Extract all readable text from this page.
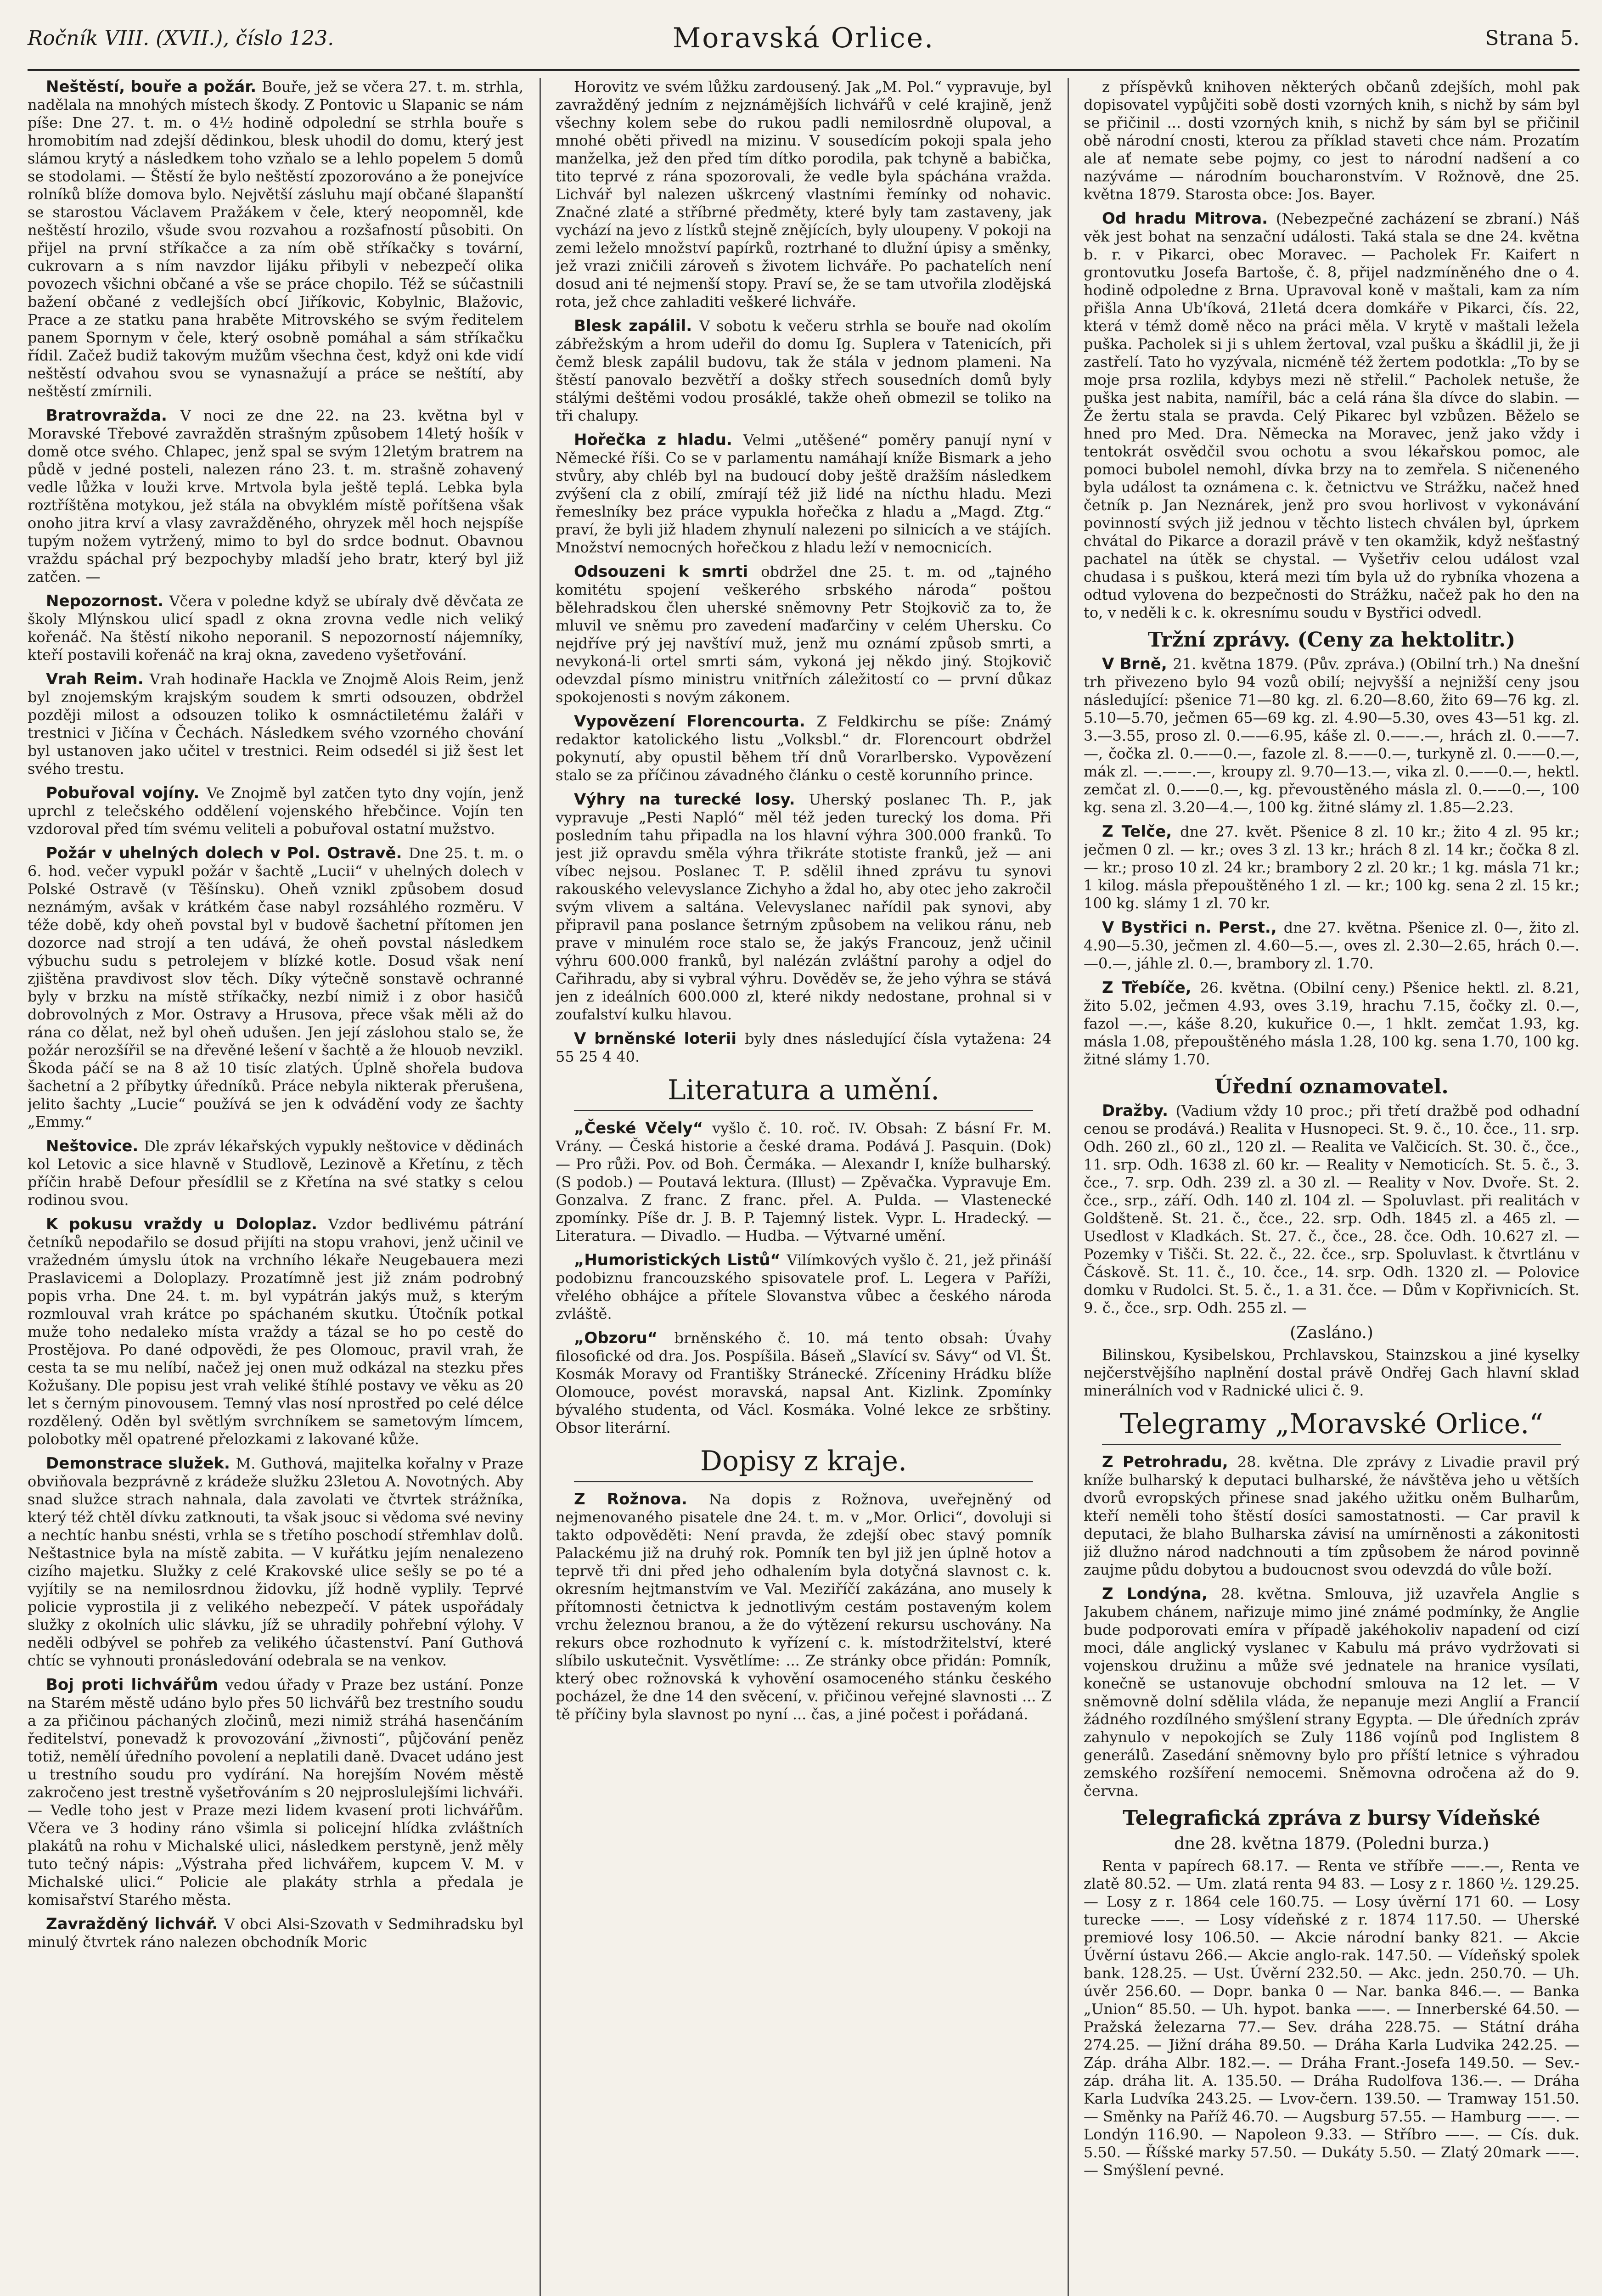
Ročník VIII. (XVII.), číslo 123.	Moravská Orlice.	Strana 5.

Neštěstí, bouře a požár. Bouře, jež se včera 27. t. m. strhla, nadělala na mnohých místech škody. Z Pontovic u Slapanic se nám píše: Dne 27. t. m. o 4½ hodině odpolední se strhla bouře s hromobitím nad zdejší dědinkou, blesk uhodil do domu, který jest slámou krytý a následkem toho vzňalo se a lehlo popelem 5 domů se stodolami. — Štěstí že bylo neštěstí zpozorováno a že ponejvíce rolníků blíže domova bylo. Největší zásluhu mají občané šlapanští se starostou Václavem Pražákem v čele, který neopomněl, kde neštěstí hrozilo, všude svou rozvahou a rozšafností působiti. On přijel na první stříkačce a za ním obě stříkačky s tovární, cukrovarn a s ním navzdor lijáku přibyli v nebezpečí olika povozech všichni občané a vše se práce chopilo. Též se súčastnili bažení občané z vedlejších obcí Jiříkovic, Kobylnic, Blažovic, Prace a ze statku pana hraběte Mitrovského se svým ředitelem panem Spornym v čele, který osobně pomáhal a sám stříkačku řídil. Začež budiž takovým mužům všechna čest, když oni kde vidí neštěstí odvahou svou se vynasnažují a práce se neštítí, aby neštěstí zmírnili.

Bratrovražda. V noci ze dne 22. na 23. května byl v Moravské Třebové zavražděn strašným způsobem 14letý hošík v domě otce svého. Chlapec, jenž spal se svým 12letým bratrem na půdě v jedné posteli, nalezen ráno 23. t. m. strašně zohavený vedle lůžka v louži krve. Mrtvola byla ještě teplá. Lebka byla roztříštěna motykou, jež stála na obvyklém místě pořítšena však onoho jitra krví a vlasy zavražděného, ohryzek měl hoch nejspíše tupým nožem vytržený, mimo to byl do srdce bodnut. Obavnou vraždu spáchal prý bezpochyby mladší jeho bratr, který byl již zatčen. —

Nepozornost. Včera v poledne když se ubíraly dvě děvčata ze školy Mlýnskou ulicí spadl z okna zrovna vedle nich veliký kořenáč. Na štěstí nikoho neporanil. S nepozorností nájemníky, kteří postavili kořenáč na kraj okna, zavedeno vyšetřování.

Vrah Reim. Vrah hodinaře Hackla ve Znojmě Alois Reim, jenž byl znojemským krajským soudem k smrti odsouzen, obdržel později milost a odsouzen toliko k osmnáctiletému žaláři v trestnici v Jičína v Čechách. Následkem svého vzorného chování byl ustanoven jako učitel v trestnici. Reim odsedél si již šest let svého trestu.

Pobuřoval vojíny. Ve Znojmě byl zatčen tyto dny vojín, jenž uprchl z telečského oddělení vojenského hřebčince. Vojín ten vzdoroval před tím svému veliteli a pobuřoval ostatní mužstvo.

Požár v uhelných dolech v Pol. Ostravě. Dne 25. t. m. o 6. hod. večer vypukl požár v šachtě „Lucii“ v uhelných dolech v Polské Ostravě (v Těšínsku). Oheň vznikl způsobem dosud neznámým, avšak v krátkém čase nabyl rozsáhlého rozměru. V téže době, kdy oheň povstal byl v budově šachetní přítomen jen dozorce nad strojí a ten udává, že oheň povstal následkem výbuchu sudu s petrolejem v blízké kotle. Dosud však není zjištěna pravdivost slov těch. Díky výtečně sonstavě ochranné byly v brzku na místě stříkačky, nezbí nimiž i z obor hasičů dobrovolných z Mor. Ostravy a Hrusova, přece však měli až do rána co dělat, než byl oheň udušen. Jen její záslohou stalo se, že požár nerozšířil se na dřevěné lešení v šachtě a že hlouob nevzikl. Škoda páčí se na 8 až 10 tisíc zlatých. Úplně shořela budova šachetní a 2 příbytky úředníků. Práce nebyla nikterak přerušena, jelito šachty „Lucie“ používá se jen k odvádění vody ze šachty „Emmy.“

Neštovice. Dle zpráv lékařských vypukly neštovice v dědinách kol Letovic a sice hlavně v Studlově, Lezinově a Křetínu, z těch příčin hrabě Defour přesídlil se z Křetína na své statky s celou rodinou svou.

K pokusu vraždy u Doloplaz. Vzdor bedlivému pátrání četníků nepodařilo se dosud přijíti na stopu vrahovi, jenž učinil ve vražedném úmyslu útok na vrchního lékaře Neugebauera mezi Praslavicemi a Doloplazy. Prozatímně jest již znám podrobný popis vrha. Dne 24. t. m. byl vypátrán jakýs muž, s kterým rozmlouval vrah krátce po spáchaném skutku. Útočník potkal muže toho nedaleko místa vraždy a tázal se ho po cestě do Prostějova. Po dané odpovědi, že pes Olomouc, pravil vrah, že cesta ta se mu nelíbí, načež jej onen muž odkázal na stezku přes Kožušany. Dle popisu jest vrah veliké štíhlé postavy ve věku as 20 let s černým pinovousem. Temný vlas nosí nprostřed po celé délce rozdělený. Oděn byl světlým svrchníkem se sametovým límcem, polobotky měl opatrené přelozkami z lakované kůže.

Demonstrace služek. M. Guthová, majitelka kořalny v Praze obviňovala bezprávně z krádeže služku 23letou A. Novotných. Aby snad služce strach nahnala, dala zavolati ve čtvrtek strážníka, který též chtěl dívku zatknouti, ta však jsouc si vědoma své neviny a nechtíc hanbu snésti, vrhla se s třetího poschodí střemhlav dolů. Neštastnice byla na místě zabita. — V kuřátku jejím nenalezeno cizího majetku. Služky z celé Krakovské ulice sešly se po té a vyjítily se na nemilosrdnou židovku, jíž hodně vyplily. Teprvé policie vyprostila ji z velikého nebezpečí. V pátek uspořádaly služky z okolních ulic slávku, jíž se uhradily pohřební výlohy. V neděli odbývel se pohřeb za velikého účastenství. Paní Guthová chtíc se vyhnouti pronásledování odebrala se na venkov.

Boj proti lichvářům vedou úřady v Praze bez ustání. Ponze na Starém městě udáno bylo přes 50 lichvářů bez trestního soudu a za přičinou páchaných zločinů, mezi nimiž stráhá hasenčáním ředitelství, ponevadž k provozování „živnosti“, půjčování peněz totiž, nemělí úředního povolení a neplatili daně. Dvacet udáno jest u trestního soudu pro vydírání. Na horejším Novém městě zakročeno jest trestně vyšetřováním s 20 nejproslulejšími lichváři. — Vedle toho jest v Praze mezi lidem kvasení proti lichvářům. Včera ve 3 hodiny ráno všimla si policejní hlídka zvláštních plakátů na rohu v Michalské ulici, následkem perstyně, jenž měly tuto tečný nápis: „Výstraha před lichvářem, kupcem V. M. v Michalské ulici.“ Policie ale plakáty strhla a předala je komisařství Starého města.

Zavražděný lichvář. V obci Alsi-Szovath v Sedmihradsku byl minulý čtvrtek ráno nalezen obchodník Moric

Horovitz ve svém lůžku zardousený. Jak „M. Pol.“ vypravuje, byl zavražděný jedním z nejznámějších lichvářů v celé krajině, jenž všechny kolem sebe do rukou padli nemilosrdně olupoval, a mnohé oběti přivedl na mizinu. V sousedícím pokoji spala jeho manželka, jež den před tím dítko porodila, pak tchyně a babička, tito teprvé z rána spozorovali, že vedle byla spáchána vražda. Lichvář byl nalezen uškrcený vlastními řemínky od nohavic. Značné zlaté a stříbrné předměty, které byly tam zastaveny, jak vychází na jevo z lístků stejně znějících, byly uloupeny. V pokoji na zemi leželo množství papírků, roztrhané to dlužní úpisy a směnky, jež vrazi zničili zároveň s životem lichváře. Po pachatelích není dosud ani té nejmenší stopy. Praví se, že se tam utvořila zlodějská rota, jež chce zahladiti veškeré lichváře.

Blesk zapálil. V sobotu k večeru strhla se bouře nad okolím zábřežským a hrom udeřil do domu Ig. Suplera v Tatenicích, při čemž blesk zapálil budovu, tak že stála v jednom plameni. Na štěstí panovalo bezvětří a došky střech sousedních domů byly stálými deštěmi vodou prosáklé, takže oheň obmezil se toliko na tři chalupy.

Hořečka z hladu. Velmi „utěšené“ poměry panují nyní v Německé říši. Co se v parlamentu namáhají kníže Bismark a jeho stvůry, aby chléb byl na budoucí doby ještě dražším následkem zvýšení cla z obilí, zmírají též již lidé na nícthu hladu. Mezi řemeslníky bez práce vypukla hořečka z hladu a „Magd. Ztg.“ praví, že byli již hladem zhynulí nalezeni po silnicích a ve stájích. Množství nemocných hořečkou z hladu leží v nemocnicích.

Odsouzeni k smrti obdržel dne 25. t. m. od „tajného komitétu spojení veškerého srbského národa“ poštou bělehradskou člen uherské sněmovny Petr Stojkovič za to, že mluvil ve sněmu pro zavedení maďarčiny v celém Uhersku. Co nejdříve prý jej navštíví muž, jenž mu oznámí způsob smrti, a nevykoná-li ortel smrti sám, vykoná jej někdo jiný. Stojkovič odevzdal písmo ministru vnitřních záležitostí co — první důkaz spokojenosti s novým zákonem.

Vypovězení Florencourta. Z Feldkirchu se píše: Známý redaktor katolického listu „Volksbl.“ dr. Florencourt obdržel pokynutí, aby opustil během tří dnů Vorarlbersko. Vypovězení stalo se za příčinou závadného článku o cestě korunního prince.

Výhry na turecké losy. Uherský poslanec Th. P., jak vypravuje „Pesti Napló“ měl též jeden turecký los doma. Při posledním tahu připadla na los hlavní výhra 300.000 franků. To jest již opravdu směla výhra třikráte stotiste franků, jež — ani víbec nejsou. Poslanec T. P. sdělil ihned zprávu tu synovi rakouského velevyslance Zichyho a ždal ho, aby otec jeho zakročil svým vlivem a saltána. Velevyslanec nařídil pak synovi, aby připravil pana poslance šetrným způsobem na velikou ránu, neb prave v minulém roce stalo se, že jakýs Francouz, jenž učinil výhru 600.000 franků, byl nalézán zvláštní parohy a odjel do Cařihradu, aby si vybral výhru. Dověděv se, že jeho výhra se stává jen z ideálních 600.000 zl, které nikdy nedostane, prohnal si v zoufalství kulku hlavou.

V brněnské loterii byly dnes následující čísla vytažena: 24 55 25 4 40.

Literatura a umění.

„České Včely“ vyšlo č. 10. roč. IV. Obsah: Z básní Fr. M. Vrány. — Česká historie a české drama. Podává J. Pasquin. (Dok) — Pro růži. Pov. od Boh. Čermáka. — Alexandr I, kníže bulharský. (S podob.) — Poutavá lektura. (Illust) — Zpěvačka. Vypravuje Em. Gonzalva. Z franc. Z franc. přel. A. Pulda. — Vlastenecké zpomínky. Píše dr. J. B. P. Tajemný listek. Vypr. L. Hradecký. — Literatura. — Divadlo. — Hudba. — Výtvarné umění.

„Humoristických Listů“ Vilímkových vyšlo č. 21, jež přináší podobiznu francouzského spisovatele prof. L. Legera v Paříži, vřelého obhájce a přítele Slovanstva vůbec a českého národa zvláště.

„Obzoru“ brněnského č. 10. má tento obsah: Úvahy filosofické od dra. Jos. Pospíšila. Báseň „Slavící sv. Sávy“ od Vl. Št. Kosmák Moravy od Františky Stránecké. Zříceniny Hrádku blíže Olomouce, povést moravská, napsal Ant. Kizlink. Zpomínky bývalého studenta, od Václ. Kosmáka. Volné lekce ze srbštiny. Obsor literární.

Dopisy z kraje.

Z Rožnova. Na dopis z Rožnova, uveřejněný od nejmenovaného pisatele dne 24. t. m. v „Mor. Orlici“, dovoluji si takto odpověděti: Není pravda, že zdejší obec stavý pomník Palackému již na druhý rok. Pomník ten byl již jen úplně hotov a teprvě tři dni před jeho odhalením byla dotyčná slavnost c. k. okresním hejtmanstvím ve Val. Meziříčí zakázána, ano musely k přítomnosti četnictva k jednotlivým cestám postaveným kolem vrchu železnou branou, a že do výtězení rekursu uschovány. Na rekurs obce rozhodnuto k vyřízení c. k. místodržitelství, které slíbilo uskutečnit. Vysvětlíme: ... Ze stránky obce přidán: Pomník, který obec rožnovská k vyhovění osamoceného stánku českého pocházel, že dne 14 den svěcení, v. přičinou veřejné slavnosti ... Z tě příčiny byla slavnost po nyní ... čas, a jiné počest i pořádaná.

z příspěvků knihoven některých občanů zdejších, mohl pak dopisovatel vypůjčiti sobě dosti vzorných knih, s nichž by sám byl se přičinil ... dosti vzorných knih, s nichž by sám byl se přičinil obě národní cnosti, kterou za příklad staveti chce nám. Prozatím ale ať nemate sebe pojmy, co jest to národní nadšení a co nazýváme — národním boucharonstvím. V Rožnově, dne 25. května 1879. Starosta obce: Jos. Bayer.

Od hradu Mitrova. (Nebezpečné zacházení se zbraní.) Náš věk jest bohat na senzační události. Taká stala se dne 24. května b. r. v Pikarci, obec Moravec. — Pacholek Fr. Kaifert n grontovutku Josefa Bartoše, č. 8, přijel nadzmíněného dne o 4. hodině odpoledne z Brna. Upravoval koně v maštali, kam za ním přišla Anna Ub'íková, 21letá dcera domkáře v Pikarci, čís. 22, která v témž domě něco na práci měla. V krytě v maštali ležela puška. Pacholek si ji s uhlem žertoval, vzal pušku a škádlil ji, že ji zastřelí. Tato ho vyzývala, nicméně též žertem podotkla: „To by se moje prsa rozlila, kdybys mezi ně střelil.“ Pacholek netuše, že puška jest nabita, namířil, bác a celá rána šla dívce do slabin. — Že žertu stala se pravda. Celý Pikarec byl vzbůzen. Běželo se hned pro Med. Dra. Německa na Moravec, jenž jako vždy i tentokrát osvědčil svou ochotu a svou lékařskou pomoc, ale pomoci bubolel nemohl, dívka brzy na to zemřela. S ničeneného byla událost ta oznámena c. k. četnictvu ve Strážku, načež hned četník p. Jan Neznárek, jenž pro svou horlivost v vykonávání povinností svých již jednou v těchto listech chválen byl, úprkem chvátal do Pikarce a dorazil právě v ten okamžik, když nešťastný pachatel na útěk se chystal. — Vyšetřiv celou událost vzal chudasa i s puškou, která mezi tím byla už do rybníka vhozena a odtud vylovena do bezpečnosti do Strážku, načež pak ho den na to, v neděli k c. k. okresnímu soudu v Bystřici odvedl.

Tržní zprávy. (Ceny za hektolitr.)

V Brně, 21. května 1879. (Pův. zpráva.) (Obilní trh.) Na dnešní trh přivezeno bylo 94 vozů obilí; nejvyšší a nejnižší ceny jsou následující: pšenice 71—80 kg. zl. 6.20—8.60, žito 69—76 kg. zl. 5.10—5.70, ječmen 65—69 kg. zl. 4.90—5.30, oves 43—51 kg. zl. 3.—3.55, proso zl. 0.——6.95, káše zl. 0.——.—, hrách zl. 0.——7.—, čočka zl. 0.——0.—, fazole zl. 8.——0.—, turkyně zl. 0.——0.—, mák zl. —.——.—, kroupy zl. 9.70—13.—, vika zl. 0.——0.—, hektl. zemčat zl. 0.——0.—, kg. převoustěného másla zl. 0.——0.—, 100 kg. sena zl. 3.20—4.—, 100 kg. žitné slámy zl. 1.85—2.23.

Z Telče, dne 27. květ. Pšenice 8 zl. 10 kr.; žito 4 zl. 95 kr.; ječmen 0 zl. — kr.; oves 3 zl. 13 kr.; hrách 8 zl. 14 kr.; čočka 8 zl. — kr.; proso 10 zl. 24 kr.; brambory 2 zl. 20 kr.; 1 kg. másla 71 kr.; 1 kilog. másla přepouštěného 1 zl. — kr.; 100 kg. sena 2 zl. 15 kr.; 100 kg. slámy 1 zl. 70 kr.

V Bystřici n. Perst., dne 27. května. Pšenice zl. 0—, žito zl. 4.90—5.30, ječmen zl. 4.60—5.—, oves zl. 2.30—2.65, hrách 0.—.—0.—, jáhle zl. 0.—, brambory zl. 1.70.

Z Třebíče, 26. května. (Obilní ceny.) Pšenice hektl. zl. 8.21, žito 5.02, ječmen 4.93, oves 3.19, hrachu 7.15, čočky zl. 0.—, fazol —.—, káše 8.20, kukuřice 0.—, 1 hklt. zemčat 1.93, kg. másla 1.08, přepouštěného másla 1.28, 100 kg. sena 1.70, 100 kg. žitné slámy 1.70.

Úřední oznamovatel.

Dražby. (Vadium vždy 10 proc.; při třetí dražbě pod odhadní cenou se prodává.) Realita v Husnopeci. St. 9. č., 10. čce., 11. srp. Odh. 260 zl., 60 zl., 120 zl. — Realita ve Valčicích. St. 30. č., čce., 11. srp. Odh. 1638 zl. 60 kr. — Reality v Nemoticích. St. 5. č., 3. čce., 7. srp. Odh. 239 zl. a 30 zl. — Reality v Nov. Dvoře. St. 2. čce., srp., září. Odh. 140 zl. 104 zl. — Spoluvlast. při realitách v Goldšteně. St. 21. č., čce., 22. srp. Odh. 1845 zl. a 465 zl. — Usedlost v Kladkách. St. 27. č., čce., 28. čce. Odh. 10.627 zl. — Pozemky v Tišči. St. 22. č., 22. čce., srp. Spoluvlast. k čtvrtlánu v Čáskově. St. 11. č., 10. čce., 14. srp. Odh. 1320 zl. — Polovice domku v Rudolci. St. 5. č., 1. a 31. čce. — Dům v Kopřivnicích. St. 9. č., čce., srp. Odh. 255 zl. —

(Zasláno.)

Bilinskou, Kysibelskou, Prchlavskou, Stainzskou a jiné kyselky nejčerstvějšího naplnění dostal právě Ondřej Gach hlavní sklad minerálních vod v Radnické ulici č. 9.

Telegramy „Moravské Orlice.“

Z Petrohradu, 28. května. Dle zprávy z Livadie pravil prý kníže bulharský k deputaci bulharské, že návštěva jeho u větších dvorů evropských přinese snad jakého užitku oněm Bulharům, kteří neměli toho štěstí dosíci samostatnosti. — Car pravil k deputaci, že blaho Bulharska závisí na umírněnosti a zákonitosti již dlužno národ nadchnouti a tím způsobem že národ povinně zaujme půdu dobytou a budoucnost svou odevzdá do vůle boží.

Z Londýna, 28. května. Smlouva, již uzavřela Anglie s Jakubem chánem, nařizuje mimo jiné známé podmínky, že Anglie bude podporovati emíra v případě jakéhokoliv napadení od cizí moci, dále anglický vyslanec v Kabulu má právo vydržovati si vojenskou družinu a může své jednatele na hranice vysílati, konečně se ustanovuje obchodní smlouva na 12 let. — V sněmovně dolní sdělila vláda, že nepanuje mezi Anglií a Francií žádného rozdílného smýšlení strany Egypta. — Dle úředních zpráv zahynulo v nepokojích se Zuly 1186 vojínů pod Inglistem 8 generálů. Zasedání sněmovny bylo pro příští letnice s výhradou zemského rozšíření nemocemi. Sněmovna odročena až do 9. června.

Telegrafická zpráva z bursy Vídeňské
dne 28. května 1879. (Poledni burza.)

Renta v papírech 68.17. — Renta ve stříbře ——.—, Renta ve zlatě 80.52. — Um. zlatá renta 94 83. — Losy z r. 1860 ½. 129.25. — Losy z r. 1864 cele 160.75. — Losy úvěrní 171 60. — Losy turecke ——. — Losy vídeňské z r. 1874 117.50. — Uherské premiové losy 106.50. — Akcie národní banky 821. — Akcie Úvěrní ústavu 266.— Akcie anglo-rak. 147.50. — Vídeňský spolek bank. 128.25. — Ust. Úvěrní 232.50. — Akc. jedn. 250.70. — Uh. úvěr 256.60. — Dopr. banka 0 — Nar. banka 846.—. — Banka „Union“ 85.50. — Uh. hypot. banka ——. — Innerberské 64.50. — Pražská železarna 77.— Sev. dráha 228.75. — Státní dráha 274.25. — Jižní dráha 89.50. — Dráha Karla Ludvika 242.25. — Záp. dráha Albr. 182.—. — Dráha Frant.-Josefa 149.50. — Sev.-záp. dráha lit. A. 135.50. — Dráha Rudolfova 136.—. — Dráha Karla Ludvíka 243.25. — Lvov-čern. 139.50. — Tramway 151.50. — Směnky na Paříž 46.70. — Augsburg 57.55. — Hamburg ——. — Londýn 116.90. — Napoleon 9.33. — Stříbro ——. — Cís. duk. 5.50. — Říšské marky 57.50. — Dukáty 5.50. — Zlatý 20mark ——. — Smýšlení pevné.
